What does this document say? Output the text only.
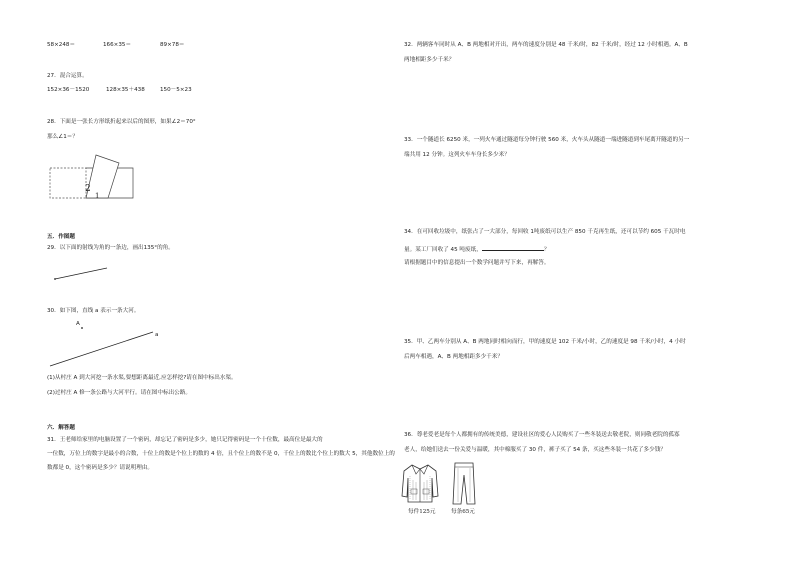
58×248＝	166×35＝	89×78＝
27．混合运算。
152×36－1520	128×35＋438	150－5×23
28．下面是一张长方形纸折起来以后的图形，如果∠2＝70°
那么∠1＝？
2
1
五．作图题
29．以下面的射线为角的一条边，画出135°的角。
30．如下图，直线 a 表示一条大河。
A
a
(1)从村庄 A 到大河挖一条水渠,要想距离最近,应怎样挖?请在图中标出水渠。
(2)过村庄 A 修一条公路与大河平行。请在图中标出公路。
六．解答题
31．王老师给家里的电脑设置了一个密码，却忘记了密码是多少，她只记得密码是一个十位数，最高位是最大的
一位数，万位上的数字是最小的合数，十位上的数是个位上的数的 4 倍，且个位上的数不是 0，千位上的数比个位上的数大 5，其他数位上的
数都是 0，这个密码是多少？请说明理由。
32．两辆客车同时从 A、B 两地相对开出，两车的速度分别是 48 千米/时，82 千米/时，经过 12 小时相遇。A、B
两地相距多少千米？
33．一个隧道长 6250 米，一列火车通过隧道每分钟行驶 560 米，火车头从隧道一端进隧道到车尾离开隧道的另一
端共用 12 分钟。这列火车车身长多少米？
34．在可回收垃圾中，纸张占了一大部分，每回收 1吨废纸可以生产 850 千克再生纸，还可以节约 605 千瓦时电
量。某工厂回收了 45 吨废纸，	？
请根据题目中的信息提出一个数学问题并写下来，再解答。
35．甲、乙两车分别从 A、B 两地同时相向而行，甲的速度是 102 千米/小时，乙的速度是 98 千米/小时，4 小时
后两车相遇，A、B 两地相距多少千米？
36．尊老爱老是每个人都拥有的传统美德，建设社区的爱心人民购买了一些冬装送去敬老院，则同敬老院的孤寡
老人，给她们送去一份关爱与温暖，其中棉服买了 30 件，裤子买了 54 条，买这些冬装一共花了多少钱？
每件125元	每条65元
